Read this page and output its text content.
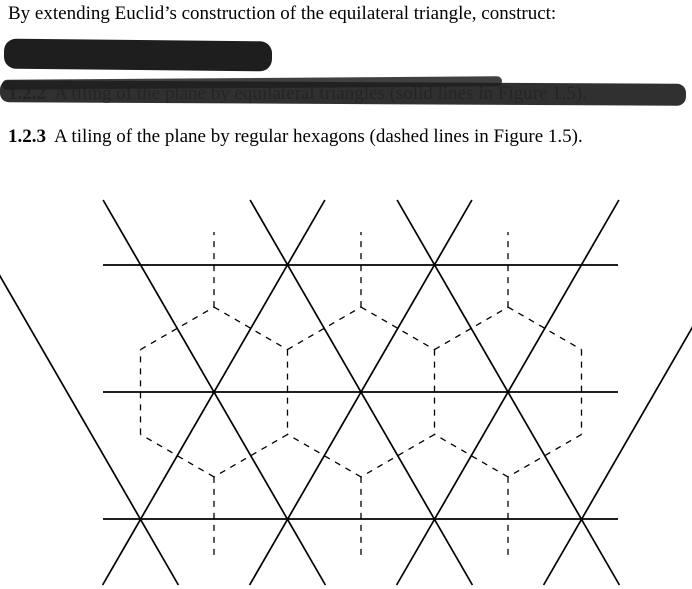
By extending Euclid’s construction of the equilateral triangle, construct:
1.2.3 A tiling of the plane by regular hexagons (dashed lines in Figure 1.5).
